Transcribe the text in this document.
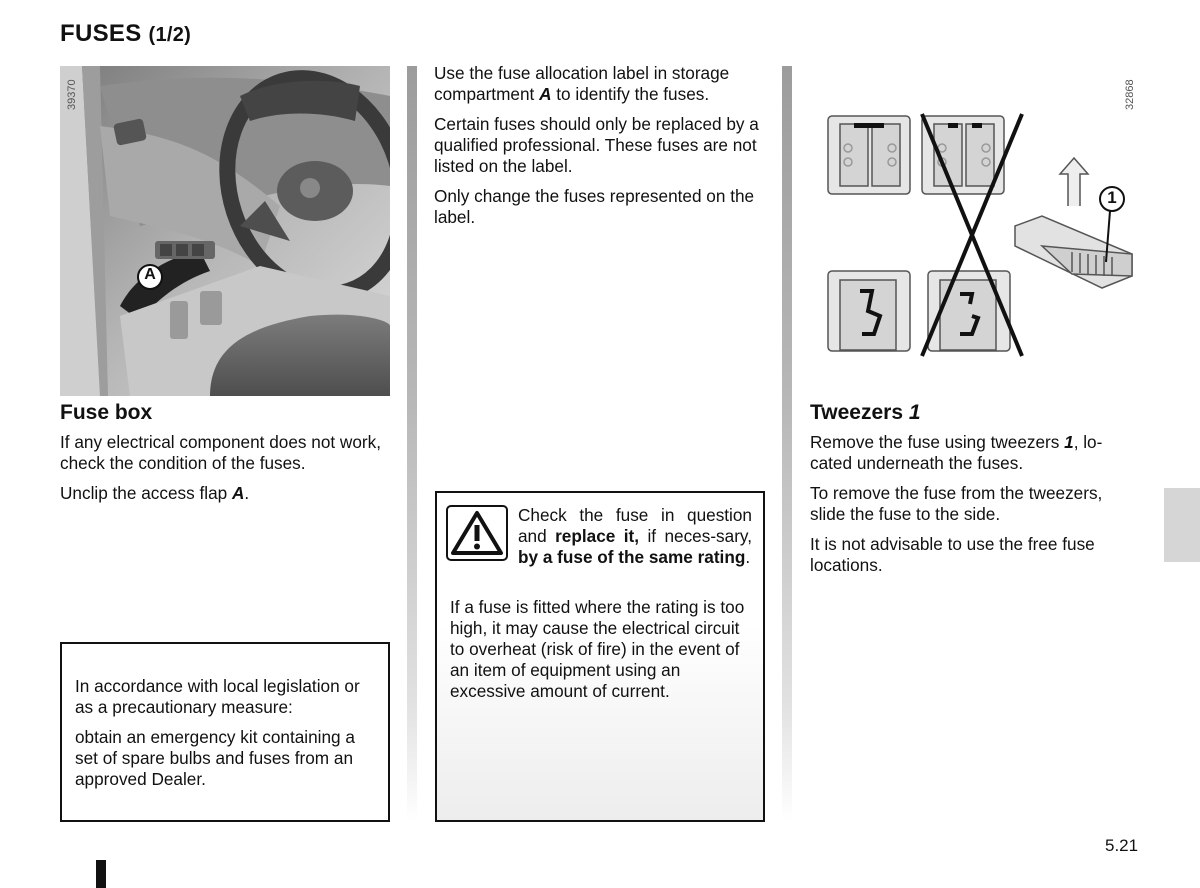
FUSES (1/2)
A
39370
Fuse box

If any electrical component does not work, check the condition of the fuses.

Unclip the access flap A.

In accordance with local legislation or as a precautionary measure:

obtain an emergency kit containing a set of spare bulbs and fuses from an approved Dealer.

Use the fuse allocation label in storage compartment A to identify the fuses.

Certain fuses should only be replaced by a qualified professional. These fuses are not listed on the label.

Only change the fuses represented on the label.

Check the fuse in question and replace it, if neces-sary, by a fuse of the same rating.
If a fuse is fitted where the rating is too high, it may cause the electrical circuit to overheat (risk of fire) in the event of an item of equipment using an excessive amount of current.
1
32868
Tweezers 1

Remove the fuse using tweezers 1, lo-cated underneath the fuses.

To remove the fuse from the tweezers, slide the fuse to the side.

It is not advisable to use the free fuse locations.

5.21
